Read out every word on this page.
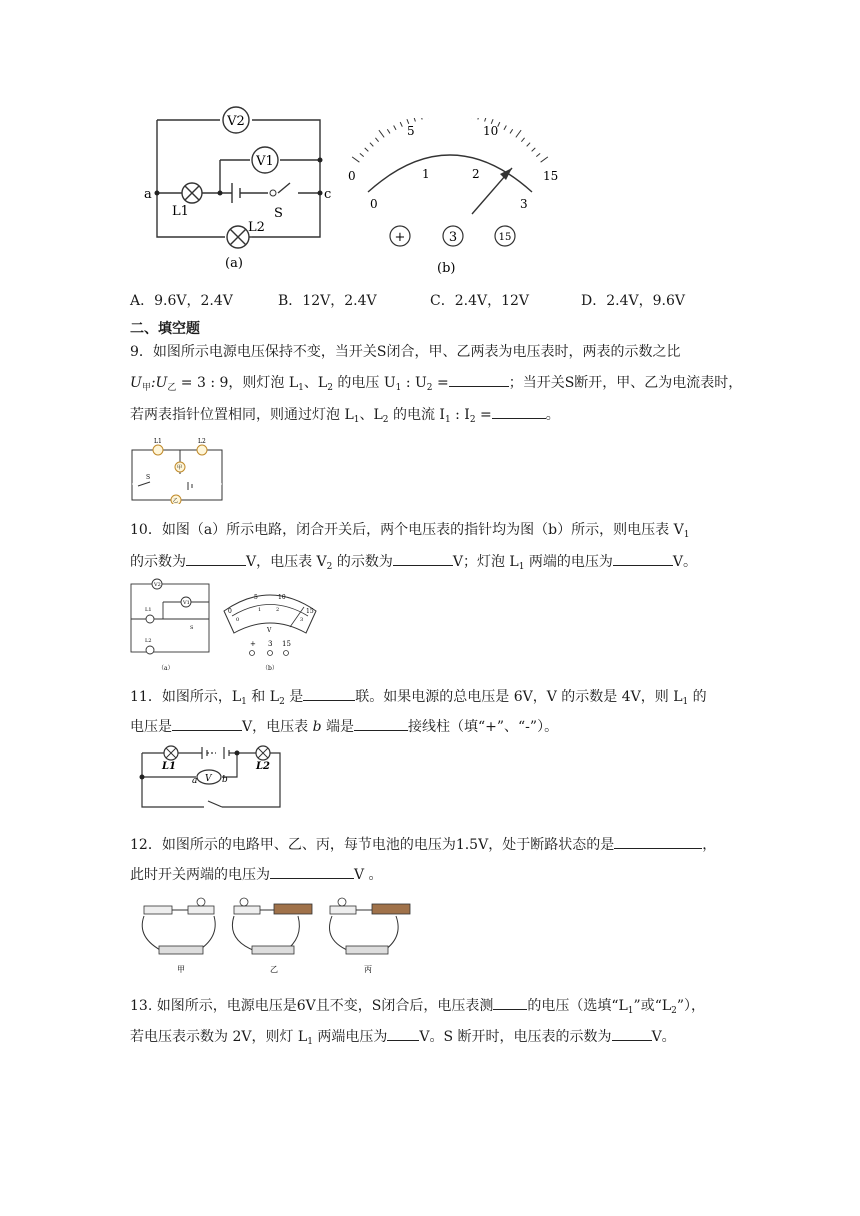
V2
V1
a	c
L1
L2
S
(a)
0
5	10
15
0
1	2
3
+	3	15
(b)
A．9.6V，2.4V	B．12V，2.4V	C．2.4V，12V	D．2.4V，9.6V
二、填空题
9．如图所示电源电压保持不变，当开关S闭合，甲、乙两表为电压表时，两表的示数之比
$U_甲:U_乙 = 3$ : 9，则灯泡 $L_1$、$L_2$ 的电压 $U_1$ : $U_2$ =	；当开关S断开，甲、乙为电流表时，
若两表指针位置相同，则通过灯泡 $L_1$、$L_2$ 的电流 $I_1$ : $I_2$ =	。
L1	L2
甲
乙
S
10．如图（a）所示电路，闭合开关后，两个电压表的指针均为图（b）所示，则电压表 $V_1$
的示数为	V，电压表 $V_2$ 的示数为	V；灯泡 $L_1$ 两端的电压为	V。
V2
V1
L1
L2
S
（a）
0
5	10
15
0
1	2
3
V
+ 3 15
（b）
11．如图所示，$L_1$ 和 $L_2$ 是	联。如果电源的总电压是 6V，V 的示数是 4V，则 $L_1$ 的
电压是	V，电压表 b 端是	接线柱（填“+”、“-”）。
L1	L2
a V b
12．如图所示的电路甲、乙、丙，每节电池的电压为1.5V，处于断路状态的是	，
此时开关两端的电压为	V 。
甲	乙	丙
13. 如图所示，电源电压是6V且不变，S闭合后，电压表测 的电压（选填“$L_1$”或“$L_2$”），
若电压表示数为 2V，则灯 $L_1$ 两端电压为 V。S 断开时，电压表的示数为	V。
